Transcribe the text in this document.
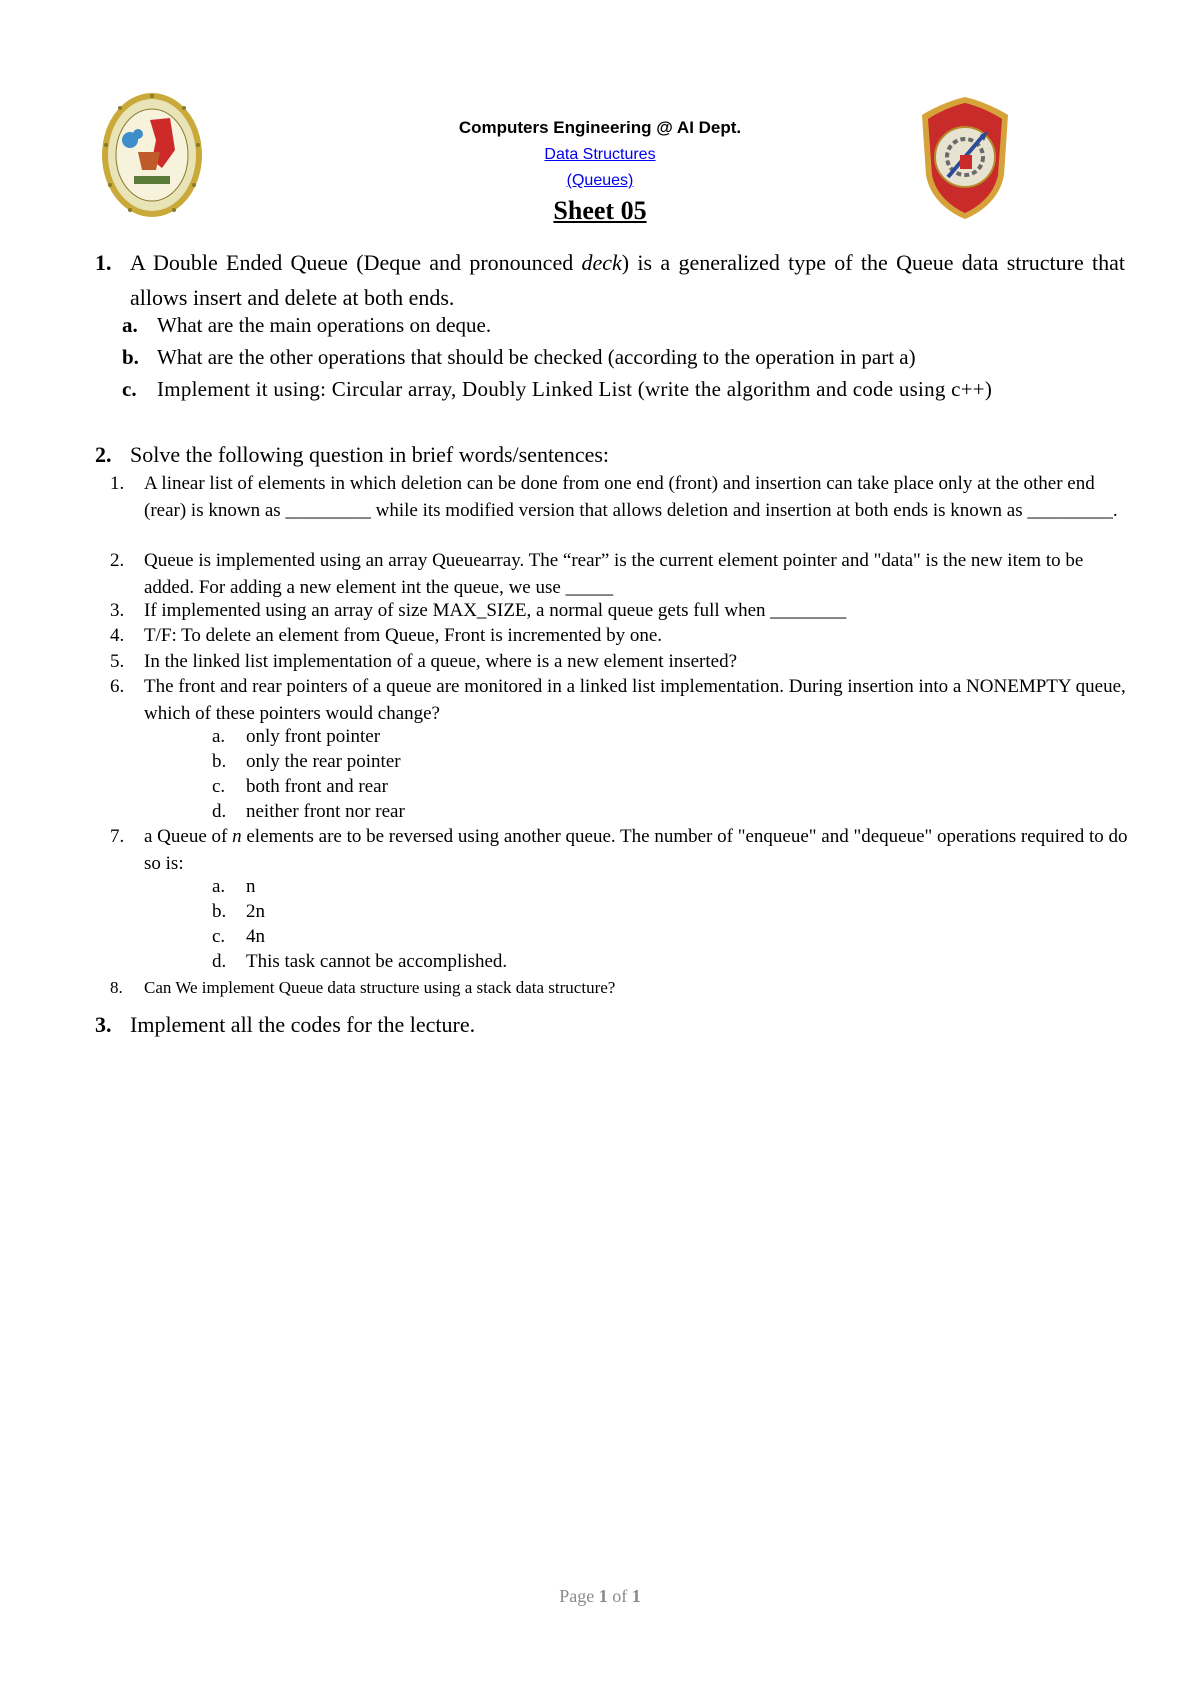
Computers Engineering @ AI Dept.
Data Structures
(Queues)
Sheet 05
1. A Double Ended Queue (Deque and pronounced deck) is a generalized type of the Queue data structure that allows insert and delete at both ends.
a. What are the main operations on deque.
b. What are the other operations that should be checked (according to the operation in part a)
c. Implement it using: Circular array, Doubly Linked List (write the algorithm and code using c++)
2. Solve the following question in brief words/sentences:
1. A linear list of elements in which deletion can be done from one end (front) and insertion can take place only at the other end (rear) is known as _________ while its modified version that allows deletion and insertion at both ends is known as _________.
2. Queue is implemented using an array Queuearray. The “rear” is the current element pointer and "data" is the new item to be added. For adding a new element int the queue, we use _____
3. If implemented using an array of size MAX_SIZE, a normal queue gets full when ________
4. T/F: To delete an element from Queue, Front is incremented by one.
5. In the linked list implementation of a queue, where is a new element inserted?
6. The front and rear pointers of a queue are monitored in a linked list implementation. During insertion into a NONEMPTY queue, which of these pointers would change?
a. only front pointer
b. only the rear pointer
c. both front and rear
d. neither front nor rear
7. a Queue of n elements are to be reversed using another queue. The number of "enqueue" and "dequeue" operations required to do so is:
a. n
b. 2n
c. 4n
d. This task cannot be accomplished.
8. Can We implement Queue data structure using a stack data structure?
3. Implement all the codes for the lecture.
Page 1 of 1
